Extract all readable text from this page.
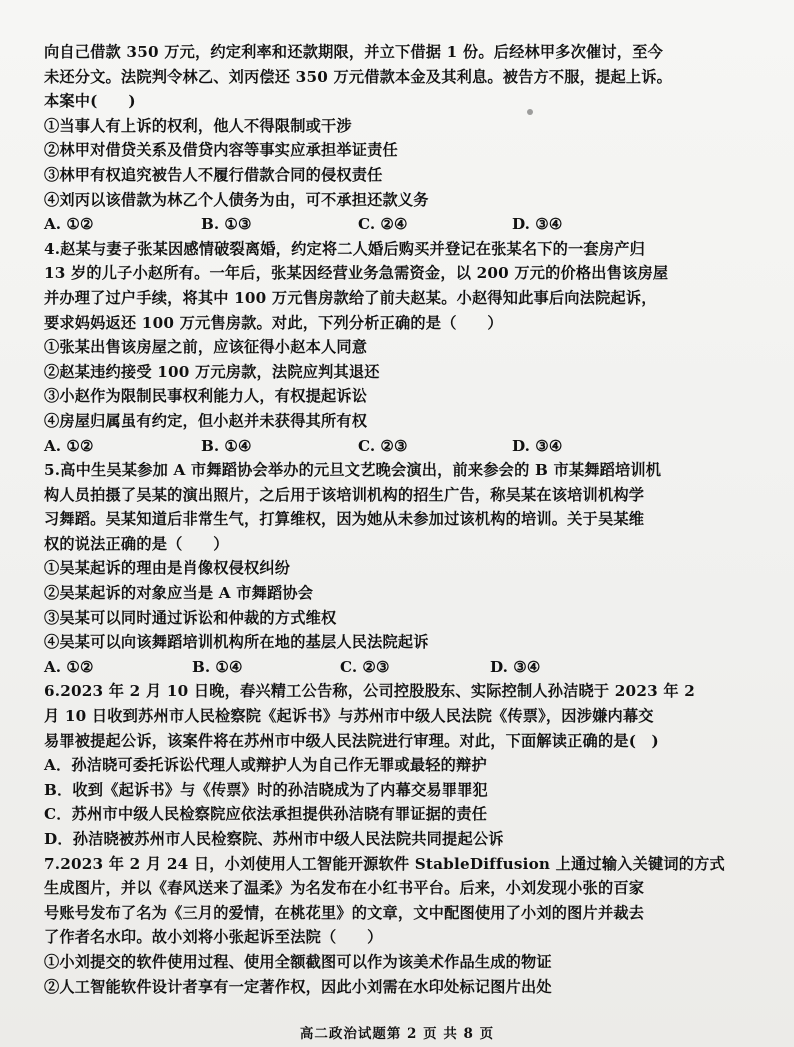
向自己借款 350 万元，约定利率和还款期限，并立下借据 1 份。后经林甲多次催讨，至今
未还分文。法院判令林乙、刘丙偿还 350 万元借款本金及其利息。被告方不服，提起上诉。
本案中(　　)
①当事人有上诉的权利，他人不得限制或干涉
②林甲对借贷关系及借贷内容等事实应承担举证责任
③林甲有权追究被告人不履行借款合同的侵权责任
④刘丙以该借款为林乙个人债务为由，可不承担还款义务
A. ①②	B. ①③	C. ②④	D. ③④
4.赵某与妻子张某因感情破裂离婚，约定将二人婚后购买并登记在张某名下的一套房产归
13 岁的儿子小赵所有。一年后，张某因经营业务急需资金，以 200 万元的价格出售该房屋
并办理了过户手续，将其中 100 万元售房款给了前夫赵某。小赵得知此事后向法院起诉，
要求妈妈返还 100 万元售房款。对此，下列分析正确的是（　　）
①张某出售该房屋之前，应该征得小赵本人同意
②赵某违约接受 100 万元房款，法院应判其退还
③小赵作为限制民事权利能力人，有权提起诉讼
④房屋归属虽有约定，但小赵并未获得其所有权
A. ①②	B. ①④	C. ②③	D. ③④
5.高中生吴某参加 A 市舞蹈协会举办的元旦文艺晚会演出，前来参会的 B 市某舞蹈培训机
构人员拍摄了吴某的演出照片，之后用于该培训机构的招生广告，称吴某在该培训机构学
习舞蹈。吴某知道后非常生气，打算维权，因为她从未参加过该机构的培训。关于吴某维
权的说法正确的是（　　）
①吴某起诉的理由是肖像权侵权纠纷
②吴某起诉的对象应当是 A 市舞蹈协会
③吴某可以同时通过诉讼和仲裁的方式维权
④吴某可以向该舞蹈培训机构所在地的基层人民法院起诉
A. ①②	B. ①④	C. ②③	D. ③④
6.2023 年 2 月 10 日晚，春兴精工公告称，公司控股股东、实际控制人孙洁晓于 2023 年 2
月 10 日收到苏州市人民检察院《起诉书》与苏州市中级人民法院《传票》，因涉嫌内幕交
易罪被提起公诉，该案件将在苏州市中级人民法院进行审理。对此，下面解读正确的是(　)
A．孙洁晓可委托诉讼代理人或辩护人为自己作无罪或最轻的辩护
B．收到《起诉书》与《传票》时的孙洁晓成为了内幕交易罪罪犯
C．苏州市中级人民检察院应依法承担提供孙洁晓有罪证据的责任
D．孙洁晓被苏州市人民检察院、苏州市中级人民法院共同提起公诉
7.2023 年 2 月 24 日，小刘使用人工智能开源软件 StableDiffusion 上通过输入关键词的方式
生成图片，并以《春风送来了温柔》为名发布在小红书平台。后来，小刘发现小张的百家
号账号发布了名为《三月的爱情，在桃花里》的文章，文中配图使用了小刘的图片并裁去
了作者名水印。故小刘将小张起诉至法院（　　）
①小刘提交的软件使用过程、使用全额截图可以作为该美术作品生成的物证
②人工智能软件设计者享有一定著作权，因此小刘需在水印处标记图片出处
高二政治试题第 2 页 共 8 页
